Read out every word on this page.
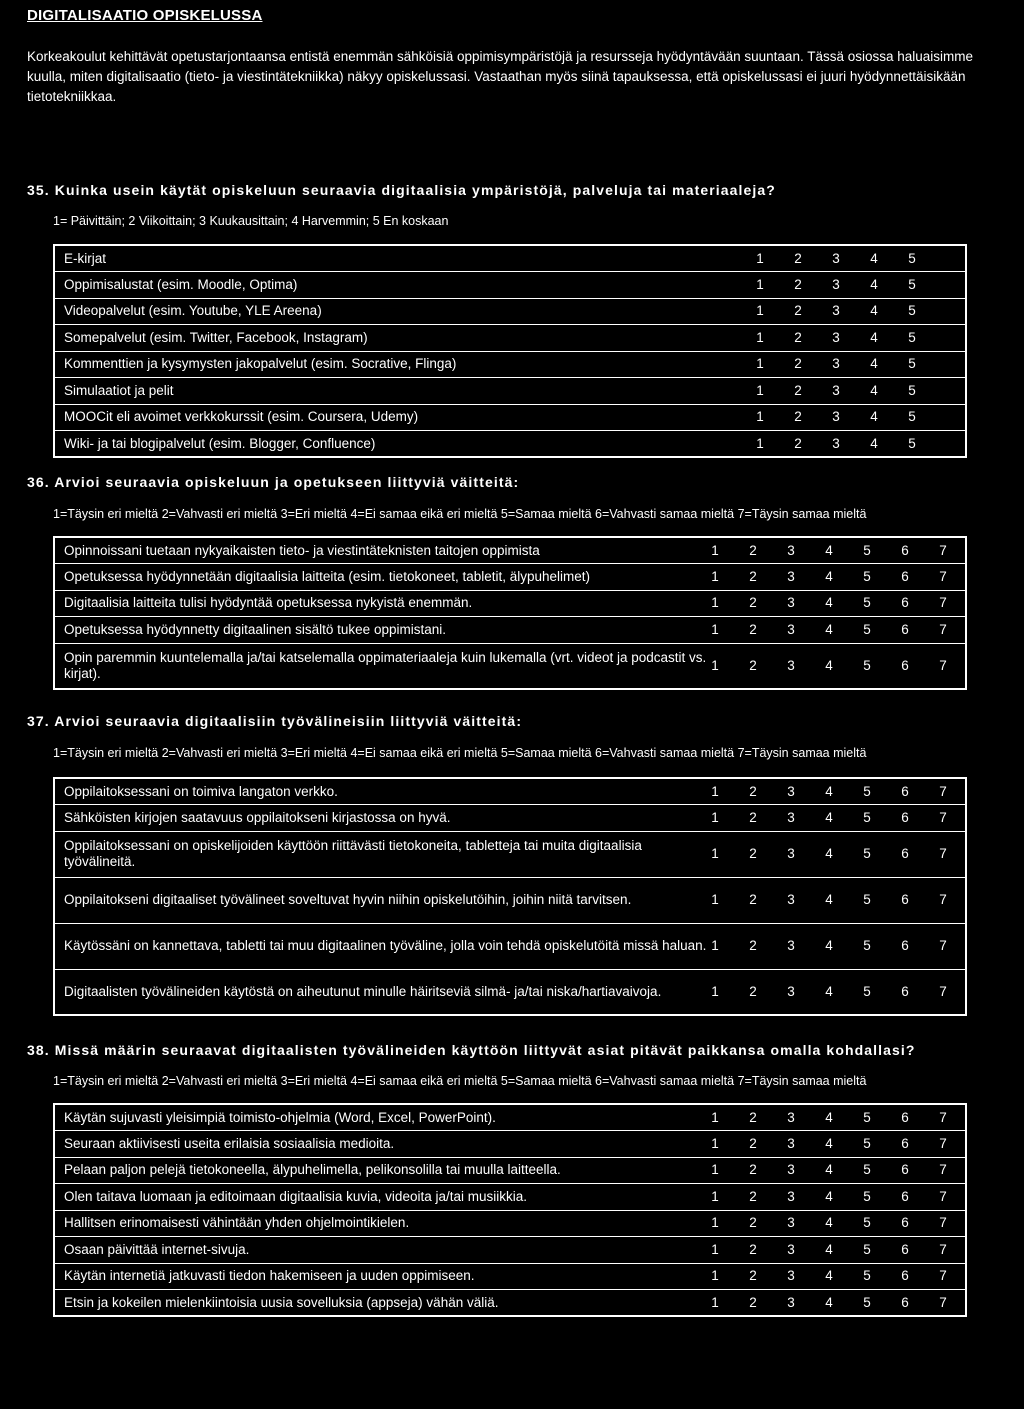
DIGITALISAATIO OPISKELUSSA
Korkeakoulut kehittävät opetustarjontaansa entistä enemmän sähköisiä oppimisympäristöjä ja resursseja hyödyntävään suuntaan. Tässä osiossa haluaisimme kuulla, miten digitalisaatio (tieto- ja viestintätekniikka) näkyy opiskelussasi. Vastaathan myös siinä tapauksessa, että opiskelussasi ei juuri hyödynnettäisikään tietotekniikkaa.
35. Kuinka usein käytät opiskeluun seuraavia digitaalisia ympäristöjä, palveluja tai materiaaleja?
1= Päivittäin; 2 Viikoittain; 3 Kuukausittain; 4 Harvemmin; 5 En koskaan
E-kirjat	1 2 3 4 5
Oppimisalustat (esim. Moodle, Optima)	1 2 3 4 5
Videopalvelut (esim. Youtube, YLE Areena)	1 2 3 4 5
Somepalvelut (esim. Twitter, Facebook, Instagram)	1 2 3 4 5
Kommenttien ja kysymysten jakopalvelut (esim. Socrative, Flinga)	1 2 3 4 5
Simulaatiot ja pelit	1 2 3 4 5
MOOCit eli avoimet verkkokurssit (esim. Coursera, Udemy)	1 2 3 4 5
Wiki- ja tai blogipalvelut (esim. Blogger, Confluence)	1 2 3 4 5
36. Arvioi seuraavia opiskeluun ja opetukseen liittyviä väitteitä:
1=Täysin eri mieltä 2=Vahvasti eri mieltä 3=Eri mieltä 4=Ei samaa eikä eri mieltä 5=Samaa mieltä 6=Vahvasti samaa mieltä 7=Täysin samaa mieltä
Opinnoissani tuetaan nykyaikaisten tieto- ja viestintäteknisten taitojen oppimista	1 2 3 4 5 6 7
Opetuksessa hyödynnetään digitaalisia laitteita (esim. tietokoneet, tabletit, älypuhelimet)	1 2 3 4 5 6 7
Digitaalisia laitteita tulisi hyödyntää opetuksessa nykyistä enemmän.	1 2 3 4 5 6 7
Opetuksessa hyödynnetty digitaalinen sisältö tukee oppimistani.	1 2 3 4 5 6 7
Opin paremmin kuuntelemalla ja/tai katselemalla oppimateriaaleja kuin lukemalla (vrt. videot ja podcastit vs. kirjat).	1 2 3 4 5 6 7
37. Arvioi seuraavia digitaalisiin työvälineisiin liittyviä väitteitä:
1=Täysin eri mieltä 2=Vahvasti eri mieltä 3=Eri mieltä 4=Ei samaa eikä eri mieltä 5=Samaa mieltä 6=Vahvasti samaa mieltä 7=Täysin samaa mieltä
Oppilaitoksessani on toimiva langaton verkko.	1 2 3 4 5 6 7
Sähköisten kirjojen saatavuus oppilaitokseni kirjastossa on hyvä.	1 2 3 4 5 6 7
Oppilaitoksessani on opiskelijoiden käyttöön riittävästi tietokoneita, tabletteja tai muita digitaalisia työvälineitä.	1 2 3 4 5 6 7
Oppilaitokseni digitaaliset työvälineet soveltuvat hyvin niihin opiskelutöihin, joihin niitä tarvitsen.	1 2 3 4 5 6 7
Käytössäni on kannettava, tabletti tai muu digitaalinen työväline, jolla voin tehdä opiskelutöitä missä haluan.	1 2 3 4 5 6 7
Digitaalisten työvälineiden käytöstä on aiheutunut minulle häiritseviä silmä- ja/tai niska/hartiavaivoja.	1 2 3 4 5 6 7
38. Missä määrin seuraavat digitaalisten työvälineiden käyttöön liittyvät asiat pitävät paikkansa omalla kohdallasi?
1=Täysin eri mieltä 2=Vahvasti eri mieltä 3=Eri mieltä 4=Ei samaa eikä eri mieltä 5=Samaa mieltä 6=Vahvasti samaa mieltä 7=Täysin samaa mieltä
Käytän sujuvasti yleisimpiä toimisto-ohjelmia (Word, Excel, PowerPoint).	1 2 3 4 5 6 7
Seuraan aktiivisesti useita erilaisia sosiaalisia medioita.	1 2 3 4 5 6 7
Pelaan paljon pelejä tietokoneella, älypuhelimella, pelikonsolilla tai muulla laitteella.	1 2 3 4 5 6 7
Olen taitava luomaan ja editoimaan digitaalisia kuvia, videoita ja/tai musiikkia.	1 2 3 4 5 6 7
Hallitsen erinomaisesti vähintään yhden ohjelmointikielen.	1 2 3 4 5 6 7
Osaan päivittää internet-sivuja.	1 2 3 4 5 6 7
Käytän internetiä jatkuvasti tiedon hakemiseen ja uuden oppimiseen.	1 2 3 4 5 6 7
Etsin ja kokeilen mielenkiintoisia uusia sovelluksia (appseja) vähän väliä.	1 2 3 4 5 6 7
